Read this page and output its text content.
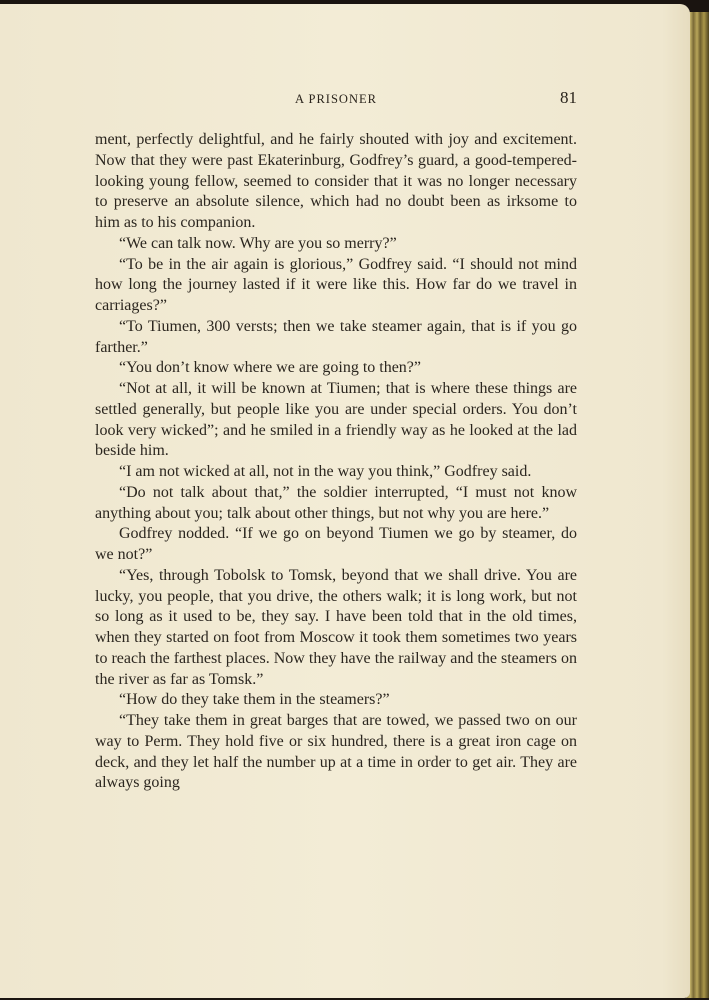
A PRISONER	81

ment, perfectly delightful, and he fairly shouted with joy and excitement. Now that they were past Ekaterinburg, Godfrey’s guard, a good-tempered-looking young fellow, seemed to consider that it was no longer necessary to preserve an absolute silence, which had no doubt been as irksome to him as to his companion.

“We can talk now. Why are you so merry?”

“To be in the air again is glorious,” Godfrey said. “I should not mind how long the journey lasted if it were like this. How far do we travel in carriages?”

“To Tiumen, 300 versts; then we take steamer again, that is if you go farther.”

“You don’t know where we are going to then?”

“Not at all, it will be known at Tiumen; that is where these things are settled generally, but people like you are under special orders. You don’t look very wicked”; and he smiled in a friendly way as he looked at the lad beside him.

“I am not wicked at all, not in the way you think,” Godfrey said.

“Do not talk about that,” the soldier interrupted, “I must not know anything about you; talk about other things, but not why you are here.”

Godfrey nodded. “If we go on beyond Tiumen we go by steamer, do we not?”

“Yes, through Tobolsk to Tomsk, beyond that we shall drive. You are lucky, you people, that you drive, the others walk; it is long work, but not so long as it used to be, they say. I have been told that in the old times, when they started on foot from Moscow it took them sometimes two years to reach the farthest places. Now they have the railway and the steamers on the river as far as Tomsk.”

“How do they take them in the steamers?”

“They take them in great barges that are towed, we passed two on our way to Perm. They hold five or six hundred, there is a great iron cage on deck, and they let half the number up at a time in order to get air. They are always going
